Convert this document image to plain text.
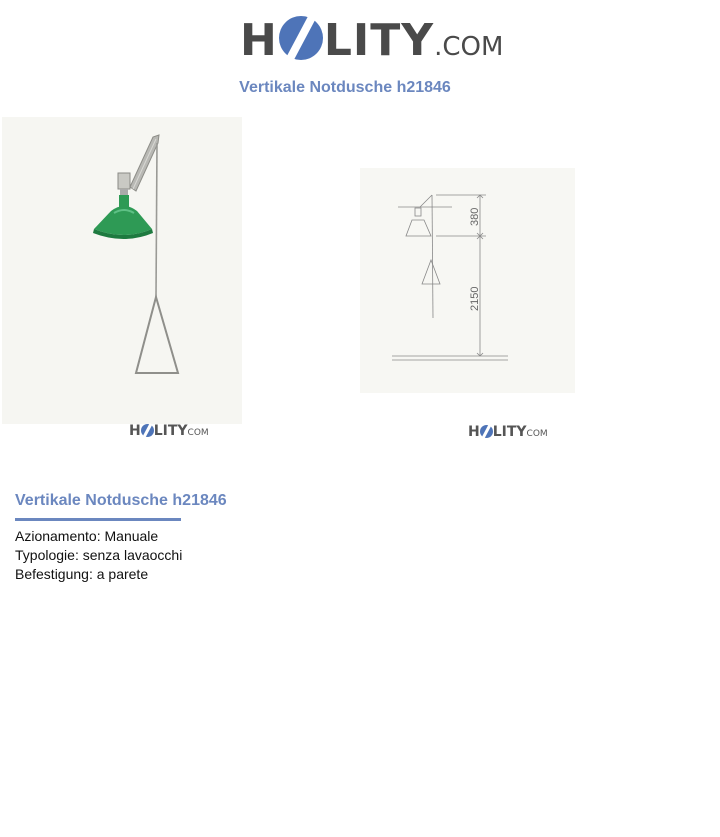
H LITY.COM
Vertikale Notdusche h21846
380
2150
H LITYCOM	H LITYCOM
Vertikale Notdusche h21846
Azionamento: Manuale
Typologie: senza lavaocchi
Befestigung: a parete
